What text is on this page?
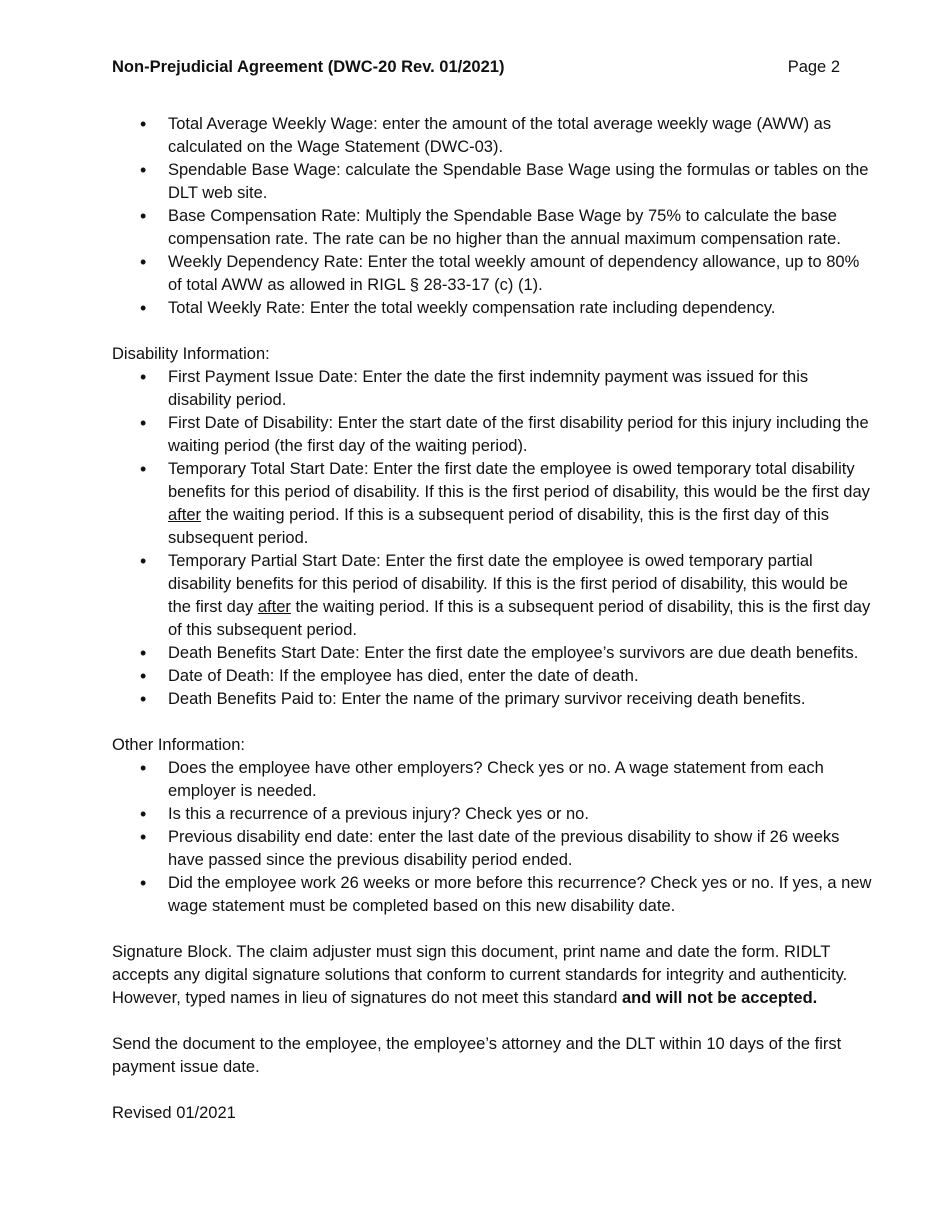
Non-Prejudicial Agreement (DWC-20 Rev. 01/2021)	Page 2
• Total Average Weekly Wage: enter the amount of the total average weekly wage (AWW) as calculated on the Wage Statement (DWC-03).
• Spendable Base Wage: calculate the Spendable Base Wage using the formulas or tables on the DLT web site.
• Base Compensation Rate: Multiply the Spendable Base Wage by 75% to calculate the base compensation rate. The rate can be no higher than the annual maximum compensation rate.
• Weekly Dependency Rate: Enter the total weekly amount of dependency allowance, up to 80% of total AWW as allowed in RIGL § 28-33-17 (c) (1).
• Total Weekly Rate: Enter the total weekly compensation rate including dependency.
Disability Information:
• First Payment Issue Date: Enter the date the first indemnity payment was issued for this disability period.
• First Date of Disability: Enter the start date of the first disability period for this injury including the waiting period (the first day of the waiting period).
• Temporary Total Start Date: Enter the first date the employee is owed temporary total disability benefits for this period of disability. If this is the first period of disability, this would be the first day after the waiting period. If this is a subsequent period of disability, this is the first day of this subsequent period.
• Temporary Partial Start Date: Enter the first date the employee is owed temporary partial disability benefits for this period of disability. If this is the first period of disability, this would be the first day after the waiting period. If this is a subsequent period of disability, this is the first day of this subsequent period.
• Death Benefits Start Date: Enter the first date the employee’s survivors are due death benefits.
• Date of Death: If the employee has died, enter the date of death.
• Death Benefits Paid to: Enter the name of the primary survivor receiving death benefits.
Other Information:
• Does the employee have other employers? Check yes or no. A wage statement from each employer is needed.
• Is this a recurrence of a previous injury? Check yes or no.
• Previous disability end date: enter the last date of the previous disability to show if 26 weeks have passed since the previous disability period ended.
• Did the employee work 26 weeks or more before this recurrence? Check yes or no. If yes, a new wage statement must be completed based on this new disability date.

Signature Block. The claim adjuster must sign this document, print name and date the form. RIDLT accepts any digital signature solutions that conform to current standards for integrity and authenticity. However, typed names in lieu of signatures do not meet this standard and will not be accepted.

Send the document to the employee, the employee’s attorney and the DLT within 10 days of the first payment issue date.

Revised 01/2021
